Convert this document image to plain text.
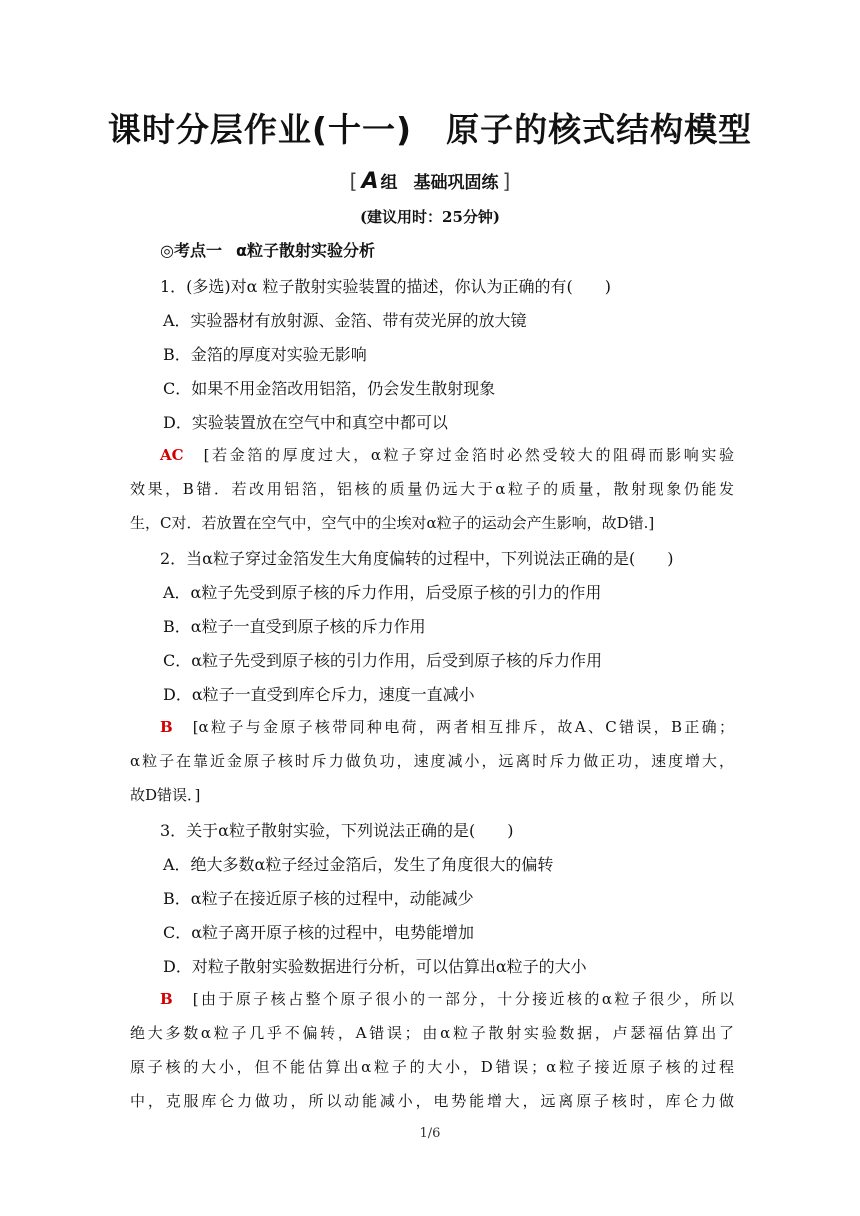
课时分层作业(十一)　原子的核式结构模型
[ A 组 基础巩固练 ]
(建议用时：25分钟)
◎考点一 α粒子散射实验分析
1．(多选)对α 粒子散射实验装置的描述，你认为正确的有(　　)
A．实验器材有放射源、金箔、带有荧光屏的放大镜
B．金箔的厚度对实验无影响
C．如果不用金箔改用铝箔，仍会发生散射现象
D．实验装置放在空气中和真空中都可以
AC [若金箔的厚度过大，α粒子穿过金箔时必然受较大的阻碍而影响实验
效果，B错．若改用铝箔，铝核的质量仍远大于α粒子的质量，散射现象仍能发
生，C对．若放置在空气中，空气中的尘埃对α粒子的运动会产生影响，故D错.]
2．当α粒子穿过金箔发生大角度偏转的过程中，下列说法正确的是(　　)
A．α粒子先受到原子核的斥力作用，后受原子核的引力的作用
B．α粒子一直受到原子核的斥力作用
C．α粒子先受到原子核的引力作用，后受到原子核的斥力作用
D．α粒子一直受到库仑斥力，速度一直减小
B [α粒子与金原子核带同种电荷，两者相互排斥，故A、C错误，B正确；
α粒子在靠近金原子核时斥力做负功，速度减小，远离时斥力做正功，速度增大，
故D错误．]
3．关于α粒子散射实验，下列说法正确的是(　　)
A．绝大多数α粒子经过金箔后，发生了角度很大的偏转
B．α粒子在接近原子核的过程中，动能减少
C．α粒子离开原子核的过程中，电势能增加
D．对粒子散射实验数据进行分析，可以估算出α粒子的大小
B [由于原子核占整个原子很小的一部分，十分接近核的α粒子很少，所以
绝大多数α粒子几乎不偏转，A错误；由α粒子散射实验数据，卢瑟福估算出了
原子核的大小，但不能估算出α粒子的大小，D错误；α粒子接近原子核的过程
中，克服库仑力做功，所以动能减小，电势能增大，远离原子核时，库仑力做
1/6
